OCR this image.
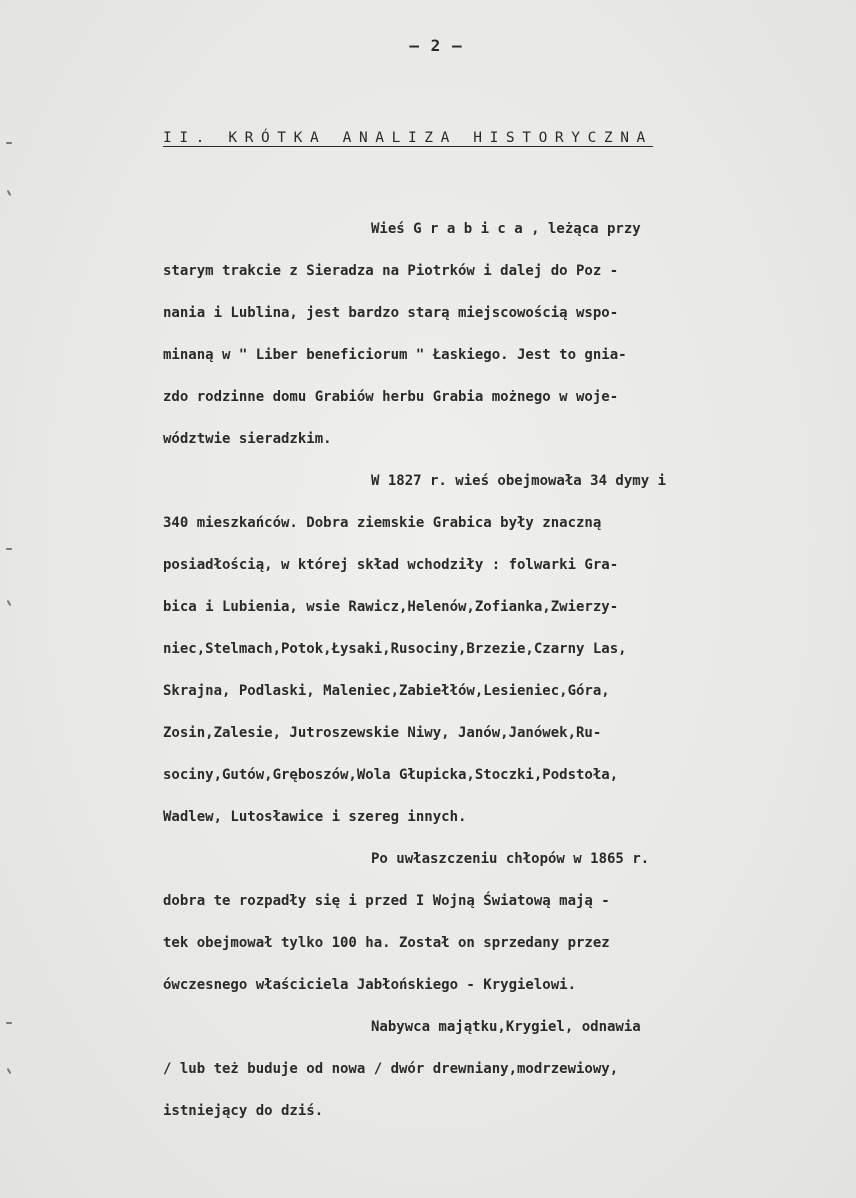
— 2 —
II. KRÓTKA ANALIZA HISTORYCZNA
Wieś G r a b i c a , leżąca przy
starym trakcie z Sieradza na Piotrków i dalej do Poz -
nania i Lublina, jest bardzo starą miejscowością wspo-
minaną w " Liber beneficiorum " Łaskiego. Jest to gnia-
zdo rodzinne domu Grabiów herbu Grabia możnego w woje-
wództwie sieradzkim.
W 1827 r. wieś obejmowała 34 dymy i
340 mieszkańców. Dobra ziemskie Grabica były znaczną
posiadłością, w której skład wchodziły : folwarki Gra-
bica i Lubienia, wsie Rawicz,Helenów,Zofianka,Zwierzy-
niec,Stelmach,Potok,Łysaki,Rusociny,Brzezie,Czarny Las,
Skrajna, Podlaski, Maleniec,Zabiełłów,Lesieniec,Góra,
Zosin,Zalesie, Jutroszewskie Niwy, Janów,Janówek,Ru-
sociny,Gutów,Gręboszów,Wola Głupicka,Stoczki,Podstoła,
Wadlew, Lutosławice i szereg innych.
Po uwłaszczeniu chłopów w 1865 r.
dobra te rozpadły się i przed I Wojną Światową mają -
tek obejmował tylko 100 ha. Został on sprzedany przez
ówczesnego właściciela Jabłońskiego - Krygielowi.
Nabywca majątku,Krygiel, odnawia
/ lub też buduje od nowa / dwór drewniany,modrzewiowy,
istniejący do dziś.
